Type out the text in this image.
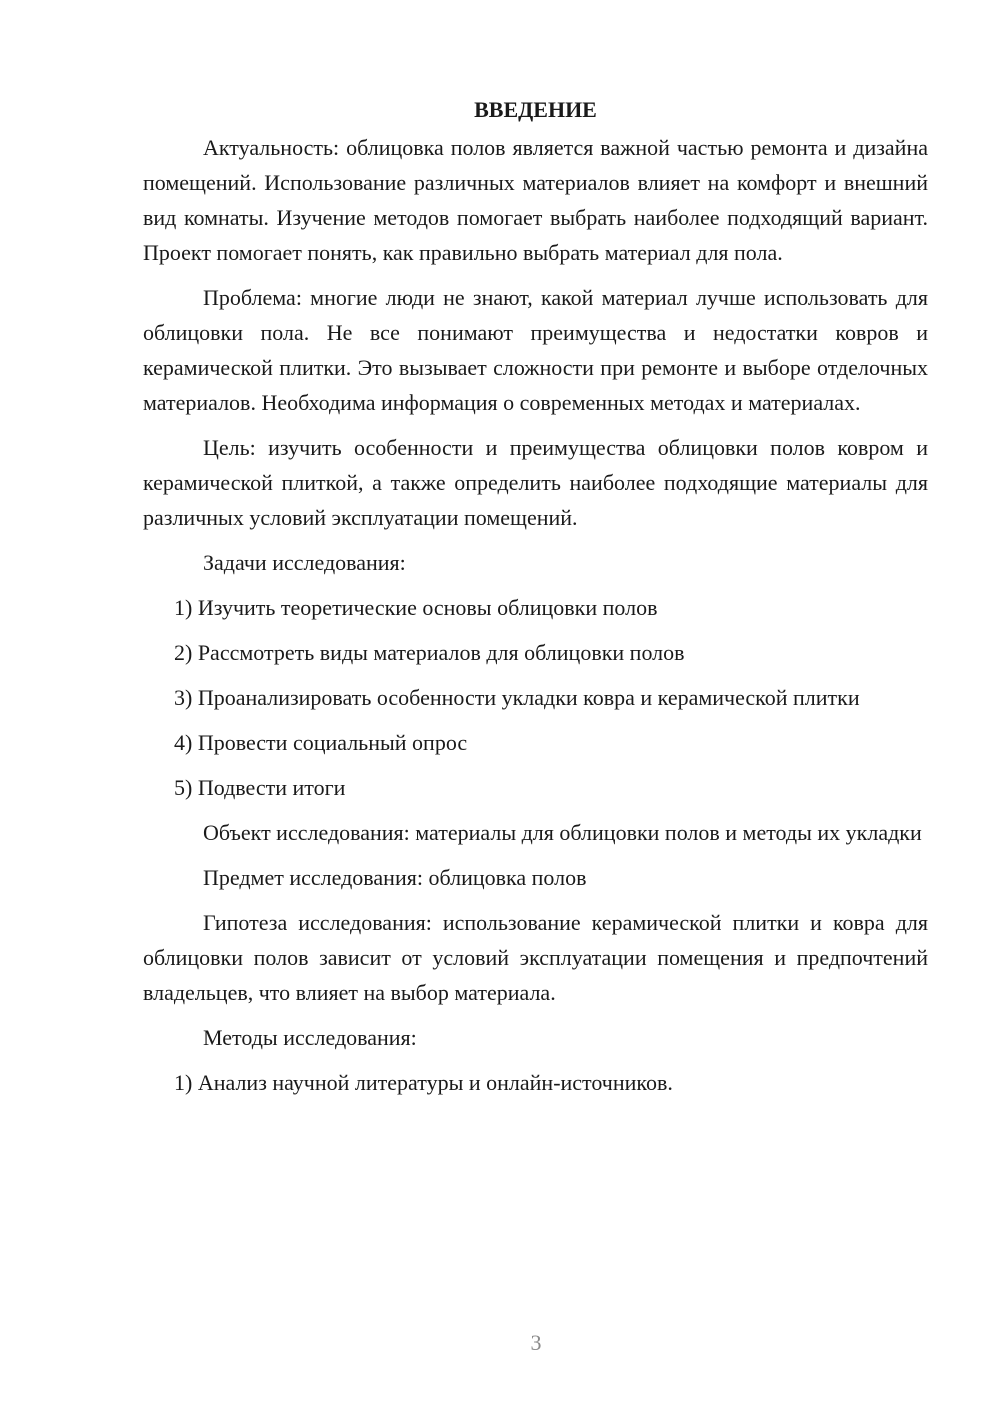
ВВЕДЕНИЕ

Актуальность: облицовка полов является важной частью ремонта и дизайна помещений. Использование различных материалов влияет на комфорт и внешний вид комнаты. Изучение методов помогает выбрать наиболее подходящий вариант. Проект помогает понять, как правильно выбрать материал для пола.

Проблема: многие люди не знают, какой материал лучше использовать для облицовки пола. Не все понимают преимущества и недостатки ковров и керамической плитки. Это вызывает сложности при ремонте и выборе отделочных материалов. Необходима информация о современных методах и материалах.

Цель: изучить особенности и преимущества облицовки полов ковром и керамической плиткой, а также определить наиболее подходящие материалы для различных условий эксплуатации помещений.

Задачи исследования:

1) Изучить теоретические основы облицовки полов

2) Рассмотреть виды материалов для облицовки полов

3) Проанализировать особенности укладки ковра и керамической плитки

4) Провести социальный опрос

5) Подвести итоги

Объект исследования: материалы для облицовки полов и методы их укладки

Предмет исследования: облицовка полов

Гипотеза исследования: использование керамической плитки и ковра для облицовки полов зависит от условий эксплуатации помещения и предпочтений владельцев, что влияет на выбор материала.

Методы исследования:

1) Анализ научной литературы и онлайн-источников.

3
